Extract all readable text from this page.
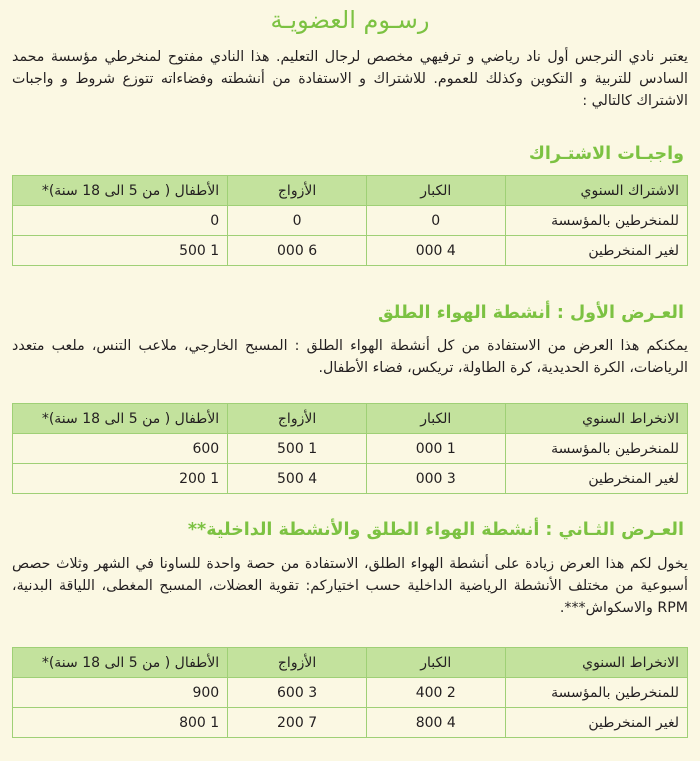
رسـوم العضويـة

يعتبر نادي النرجس أول ناد رياضي و ترفيهي مخصص لرجال التعليم. هذا النادي مفتوح لمنخرطي مؤسسة محمد السادس للتربية و التكوين وكذلك للعموم. للاشتراك و الاستفادة من أنشطته وفضاءاته تتوزع شروط و واجبات الاشتراك كالتالي :

واجبـات الاشتـراك
الاشتراك السنوي	الكبار	الأزواج	الأطفال ( من 5 الى 18 سنة)*
للمنخرطين بالمؤسسة	0	0	0
لغير المنخرطين	4 000	6 000	1 500
العـرض الأول : أنشطة الهواء الطلق

يمكنكم هذا العرض من الاستفادة من كل أنشطة الهواء الطلق : المسبح الخارجي، ملاعب التنس، ملعب متعدد الرياضات، الكرة الحديدية، كرة الطاولة، تريكس، فضاء الأطفال.

الانخراط السنوي	الكبار	الأزواج	الأطفال ( من 5 الى 18 سنة)*
للمنخرطين بالمؤسسة	1 000	1 500	600
لغير المنخرطين	3 000	4 500	1 200
العـرض الثـاني : أنشطة الهواء الطلق والأنشطة الداخلية**

يخول لكم هذا العرض زيادة على أنشطة الهواء الطلق، الاستفادة من حصة واحدة للساونا في الشهر وثلاث حصص أسبوعية من مختلف الأنشطة الرياضية الداخلية حسب اختياركم: تقوية العضلات، المسبح المغطى، اللياقة البدنية، RPM والاسكواش***.

الانخراط السنوي	الكبار	الأزواج	الأطفال ( من 5 الى 18 سنة)*
للمنخرطين بالمؤسسة	2 400	3 600	900
لغير المنخرطين	4 800	7 200	1 800
